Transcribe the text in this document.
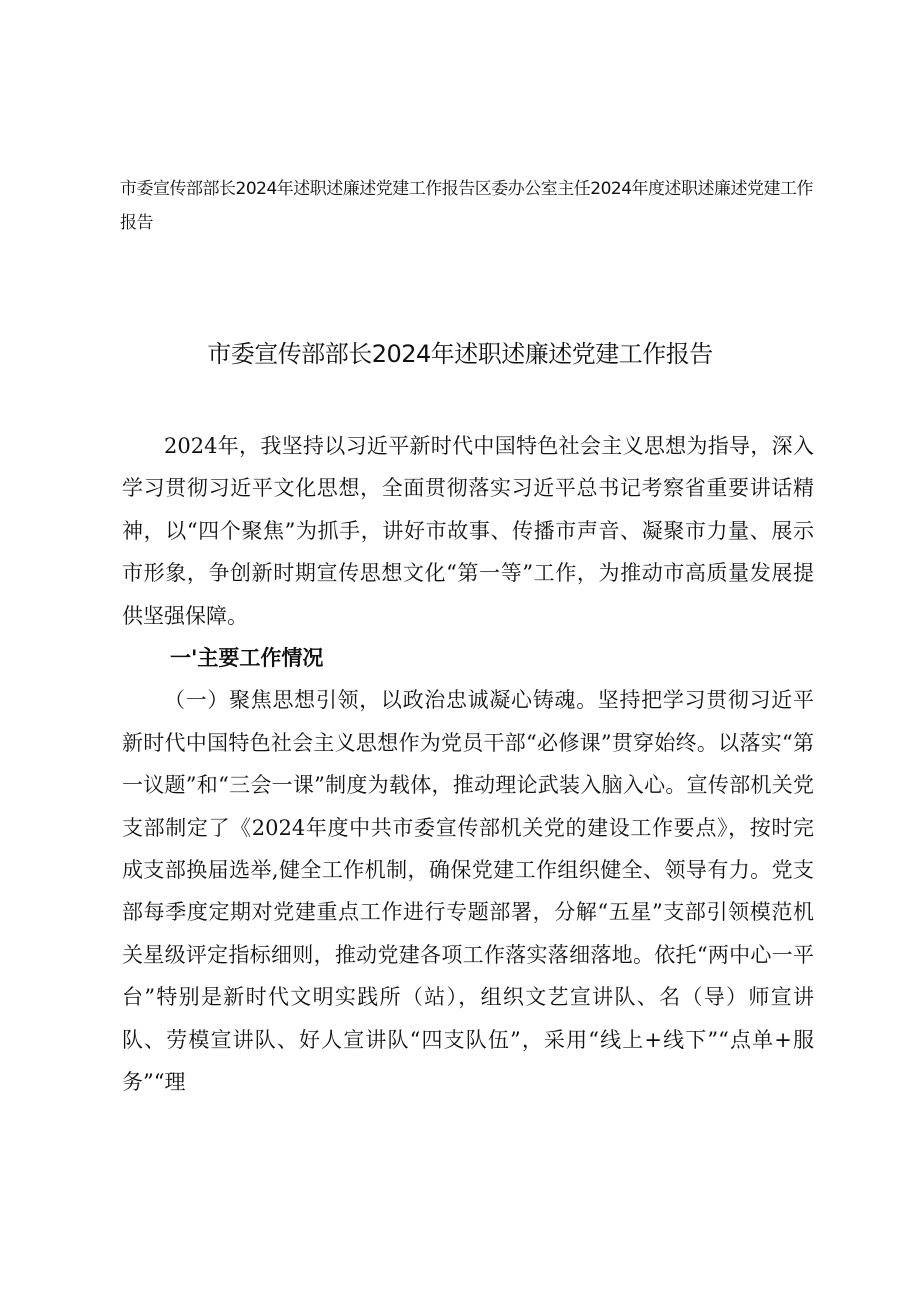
市委宣传部部长2024年述职述廉述党建工作报告区委办公室主任2024年度述职述廉述党建工作报告
市委宣传部部长2024年述职述廉述党建工作报告

2024年，我坚持以习近平新时代中国特色社会主义思想为指导，深入学习贯彻习近平文化思想，全面贯彻落实习近平总书记考察省重要讲话精神，以“四个聚焦”为抓手，讲好市故事、传播市声音、凝聚市力量、展示市形象，争创新时期宣传思想文化“第一等”工作，为推动市高质量发展提供坚强保障。

一'主要工作情况

（一）聚焦思想引领，以政治忠诚凝心铸魂。坚持把学习贯彻习近平新时代中国特色社会主义思想作为党员干部“必修课”贯穿始终。以落实“第一议题”和“三会一课”制度为载体，推动理论武装入脑入心。宣传部机关党支部制定了《2024年度中共市委宣传部机关党的建设工作要点》，按时完成支部换届选举,健全工作机制，确保党建工作组织健全、领导有力。党支部每季度定期对党建重点工作进行专题部署，分解“五星”支部引领模范机关星级评定指标细则，推动党建各项工作落实落细落地。依托“两中心一平台”特别是新时代文明实践所（站），组织文艺宣讲队、名（导）师宣讲队、劳模宣讲队、好人宣讲队“四支队伍”，采用“线上+线下”“点单+服务”“理
